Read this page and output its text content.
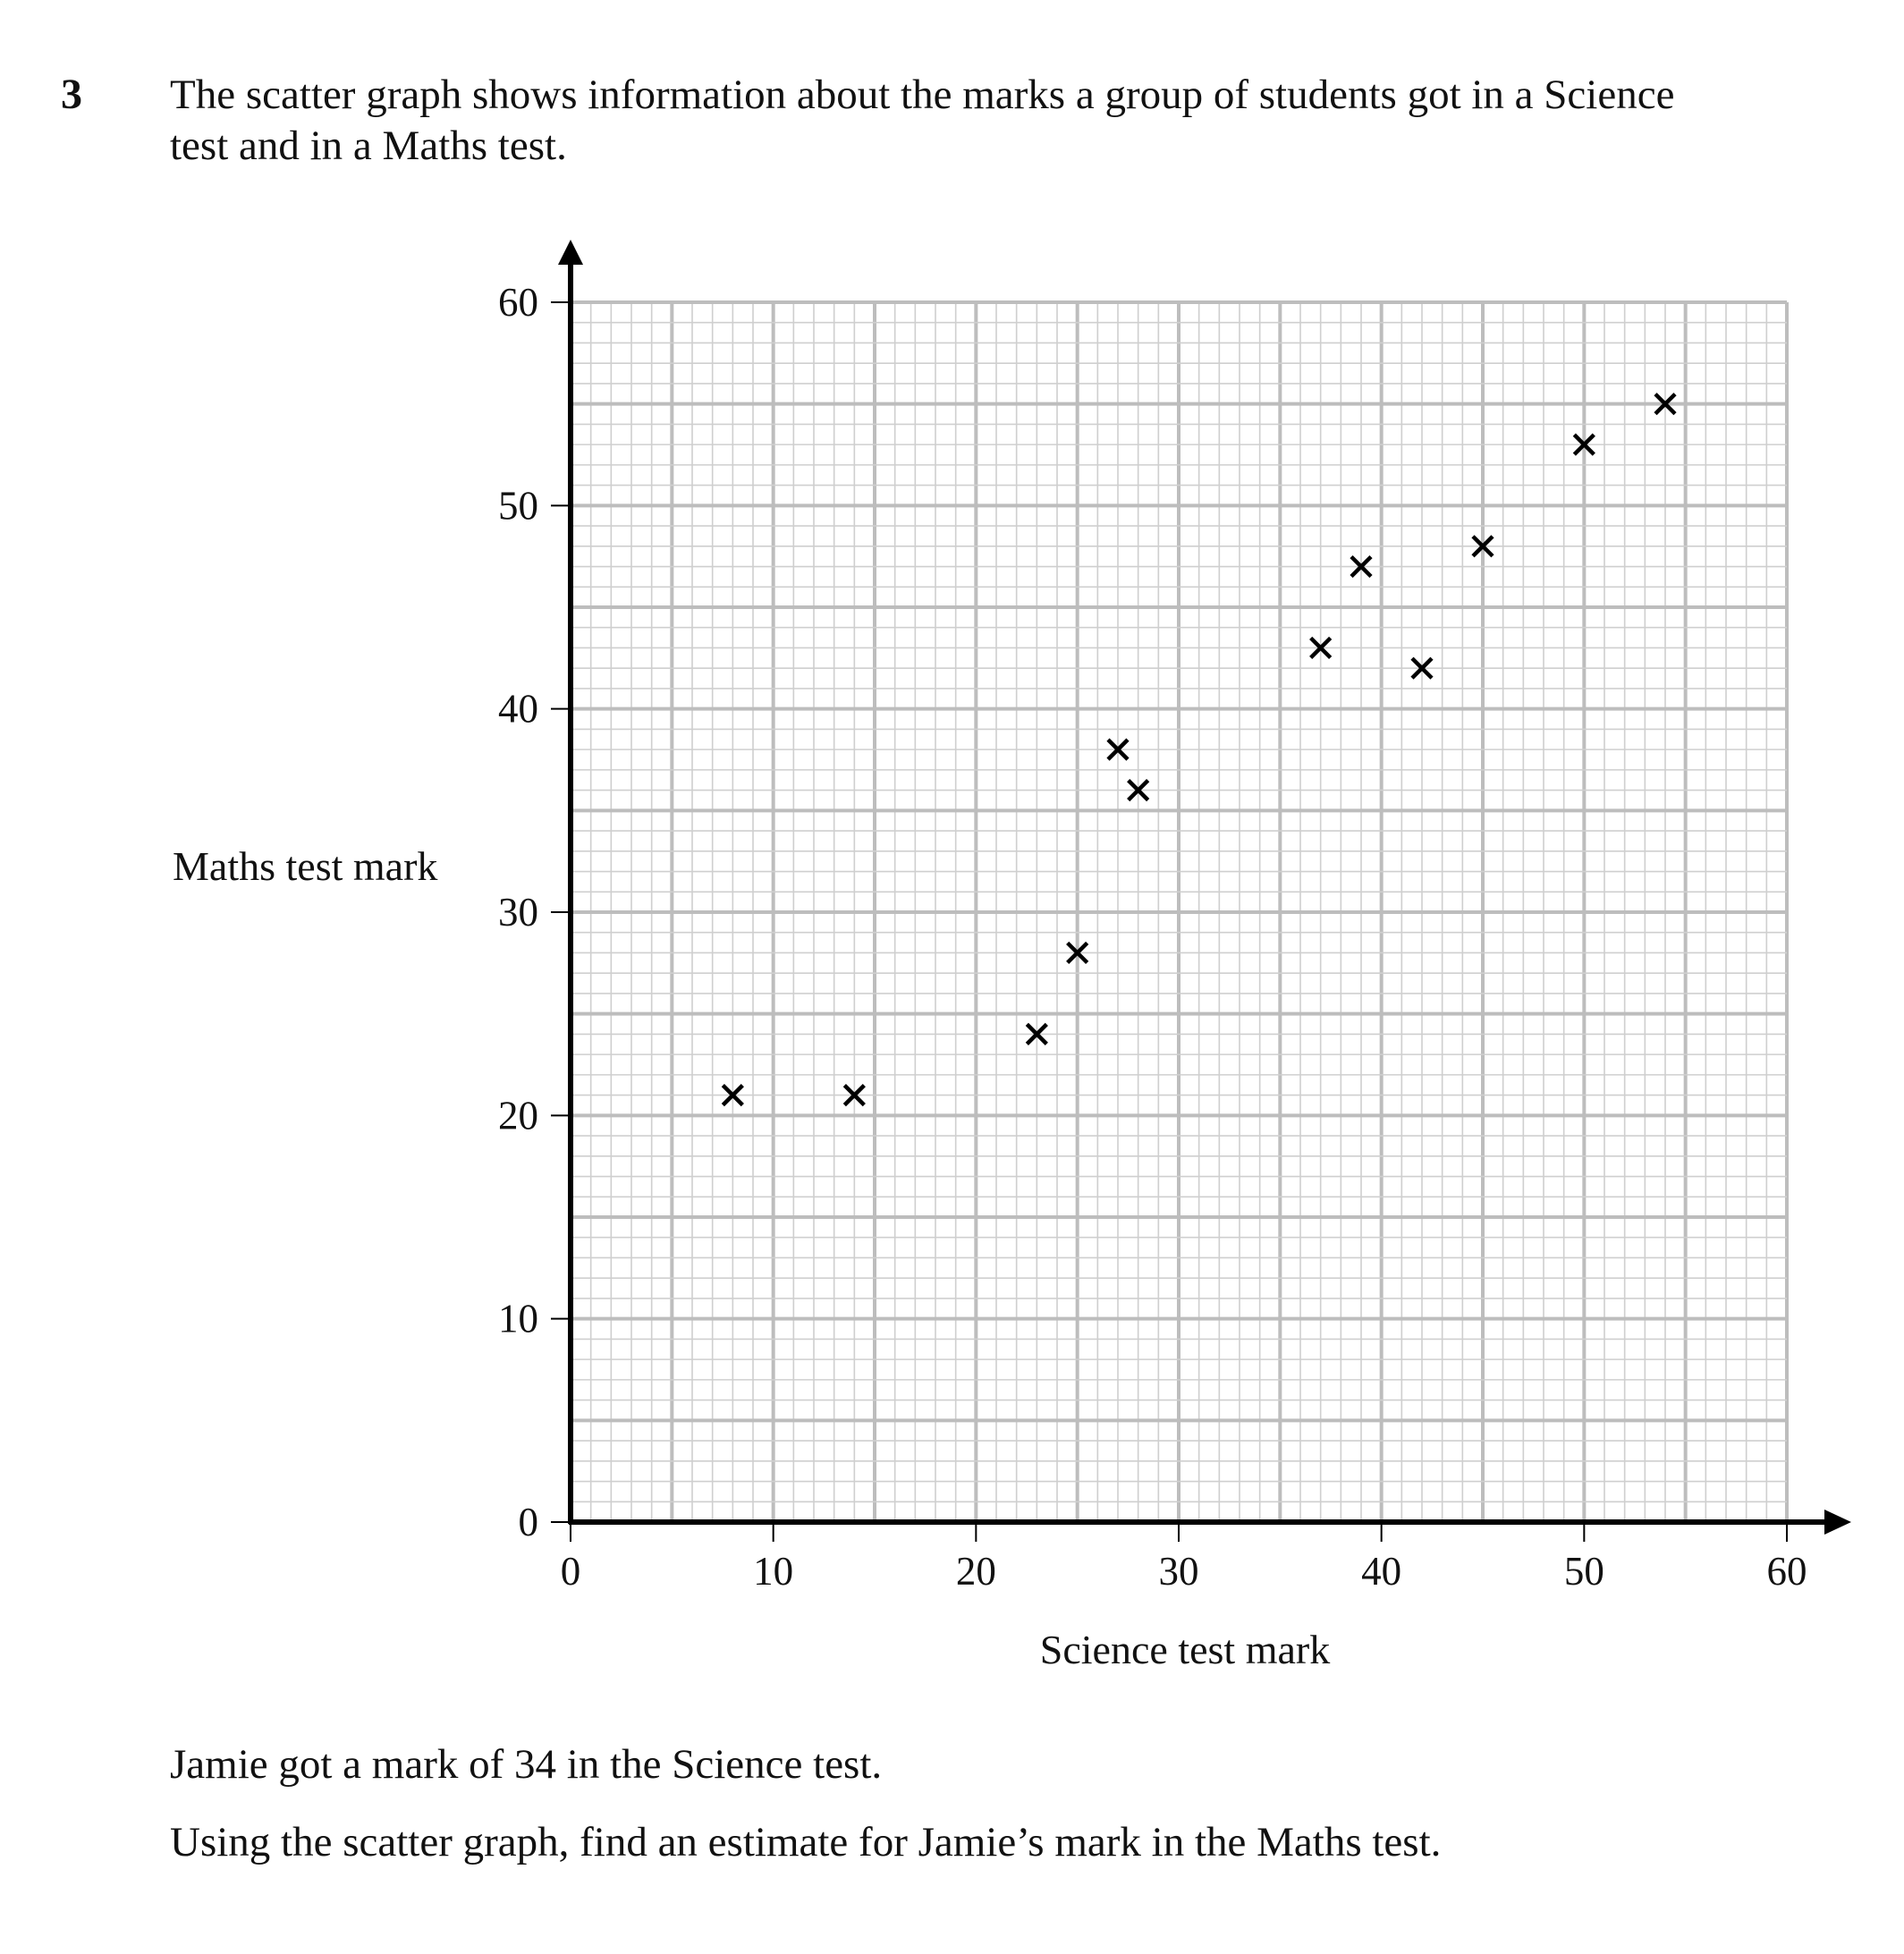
3 The scatter graph shows information about the marks a group of students got in a Science
test and in a Maths test.
0
10
20
30
40
50
60
0	10	20	30	40	50	60
Maths test mark
Science test mark
Jamie got a mark of 34 in the Science test.
Using the scatter graph, find an estimate for Jamie’s mark in the Maths test.
